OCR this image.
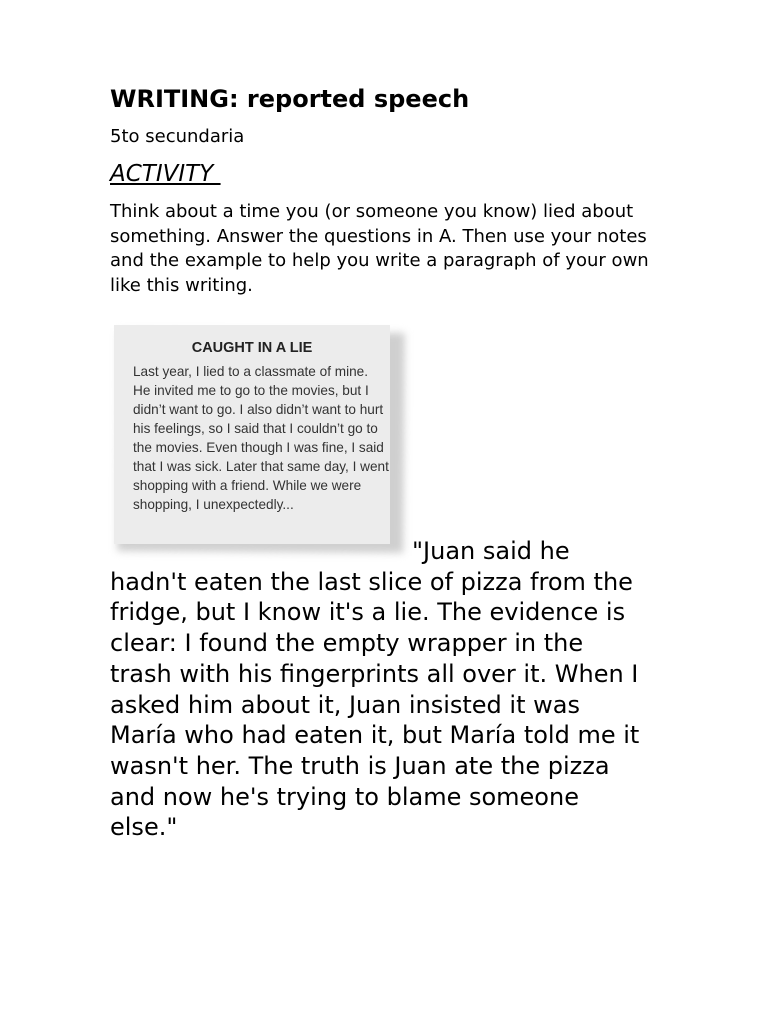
WRITING: reported speech

5to secundaria

ACTIVITY

Think about a time you (or someone you know) lied about something. Answer the questions in A. Then use your notes and the example to help you write a paragraph of your own like this writing.

CAUGHT IN A LIE

Last year, I lied to a classmate of mine. He invited me to go to the movies, but I didn’t want to go. I also didn’t want to hurt his feelings, so I said that I couldn’t go to the movies. Even though I was fine, I said that I was sick. Later that same day, I went shopping with a friend. While we were shopping, I unexpectedly...

"Juan said he hadn't eaten the last slice of pizza from the fridge, but I know it's a lie. The evidence is clear: I found the empty wrapper in the trash with his fingerprints all over it. When I asked him about it, Juan insisted it was María who had eaten it, but María told me it wasn't her. The truth is Juan ate the pizza and now he's trying to blame someone else."
